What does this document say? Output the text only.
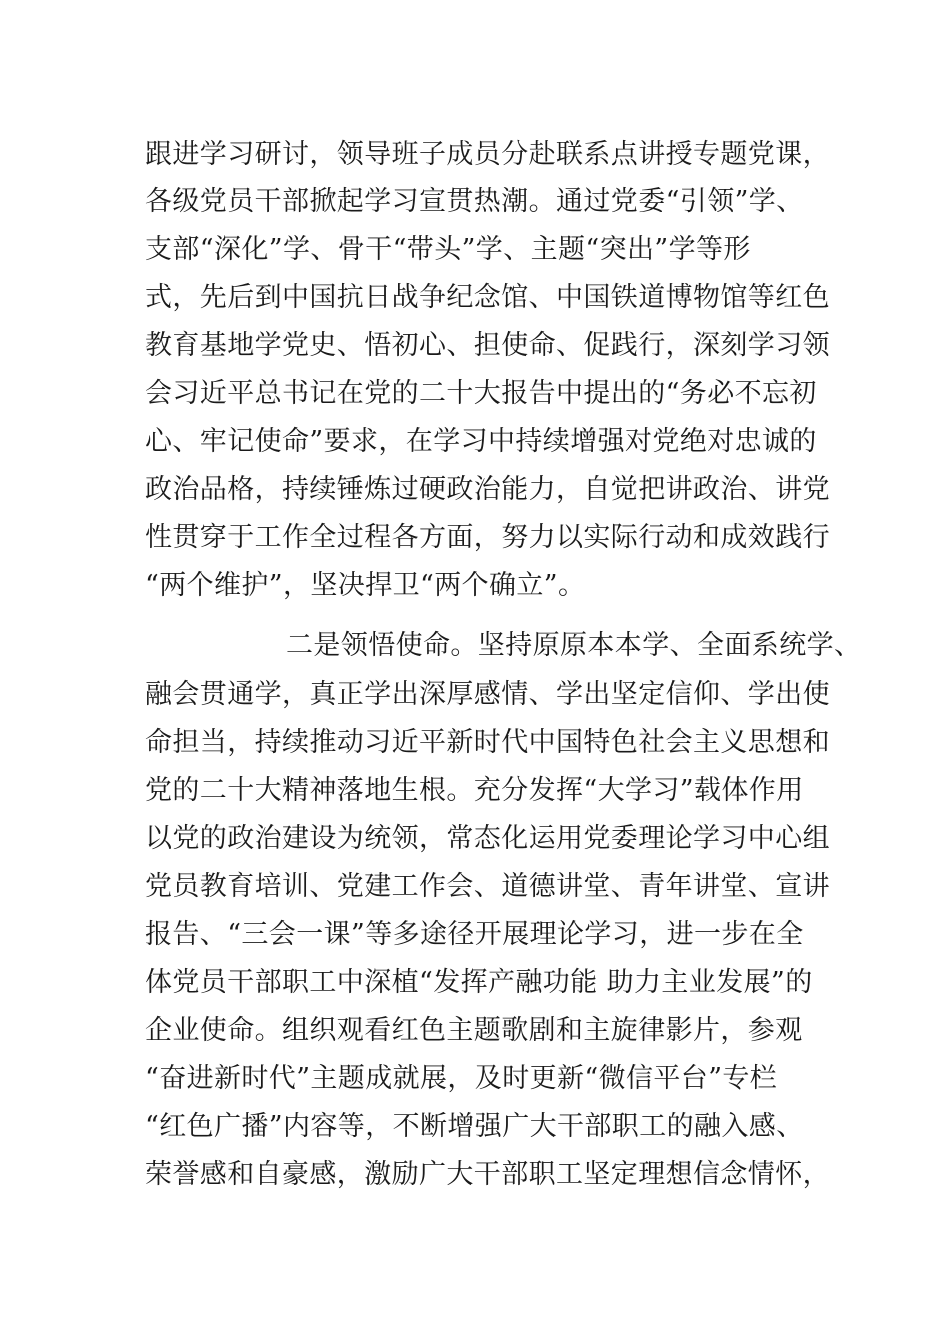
跟进学习研讨，领导班子成员分赴联系点讲授专题党课，
各级党员干部掀起学习宣贯热潮。通过党委“引领”学、
支部“深化”学、骨干“带头”学、主题“突出”学等形
式，先后到中国抗日战争纪念馆、中国铁道博物馆等红色
教育基地学党史、悟初心、担使命、促践行，深刻学习领
会习近平总书记在党的二十大报告中提出的“务必不忘初
心、牢记使命”要求，在学习中持续增强对党绝对忠诚的
政治品格，持续锤炼过硬政治能力，自觉把讲政治、讲党
性贯穿于工作全过程各方面，努力以实际行动和成效践行
“两个维护”，坚决捍卫“两个确立”。
二是领悟使命。坚持原原本本学、全面系统学、
融会贯通学，真正学出深厚感情、学出坚定信仰、学出使
命担当，持续推动习近平新时代中国特色社会主义思想和
党的二十大精神落地生根。充分发挥“大学习”载体作用
以党的政治建设为统领，常态化运用党委理论学习中心组
党员教育培训、党建工作会、道德讲堂、青年讲堂、宣讲
报告、“三会一课”等多途径开展理论学习，进一步在全
体党员干部职工中深植“发挥产融功能 助力主业发展”的
企业使命。组织观看红色主题歌剧和主旋律影片，参观
“奋进新时代”主题成就展，及时更新“微信平台”专栏
“红色广播”内容等，不断增强广大干部职工的融入感、
荣誉感和自豪感，激励广大干部职工坚定理想信念情怀，
